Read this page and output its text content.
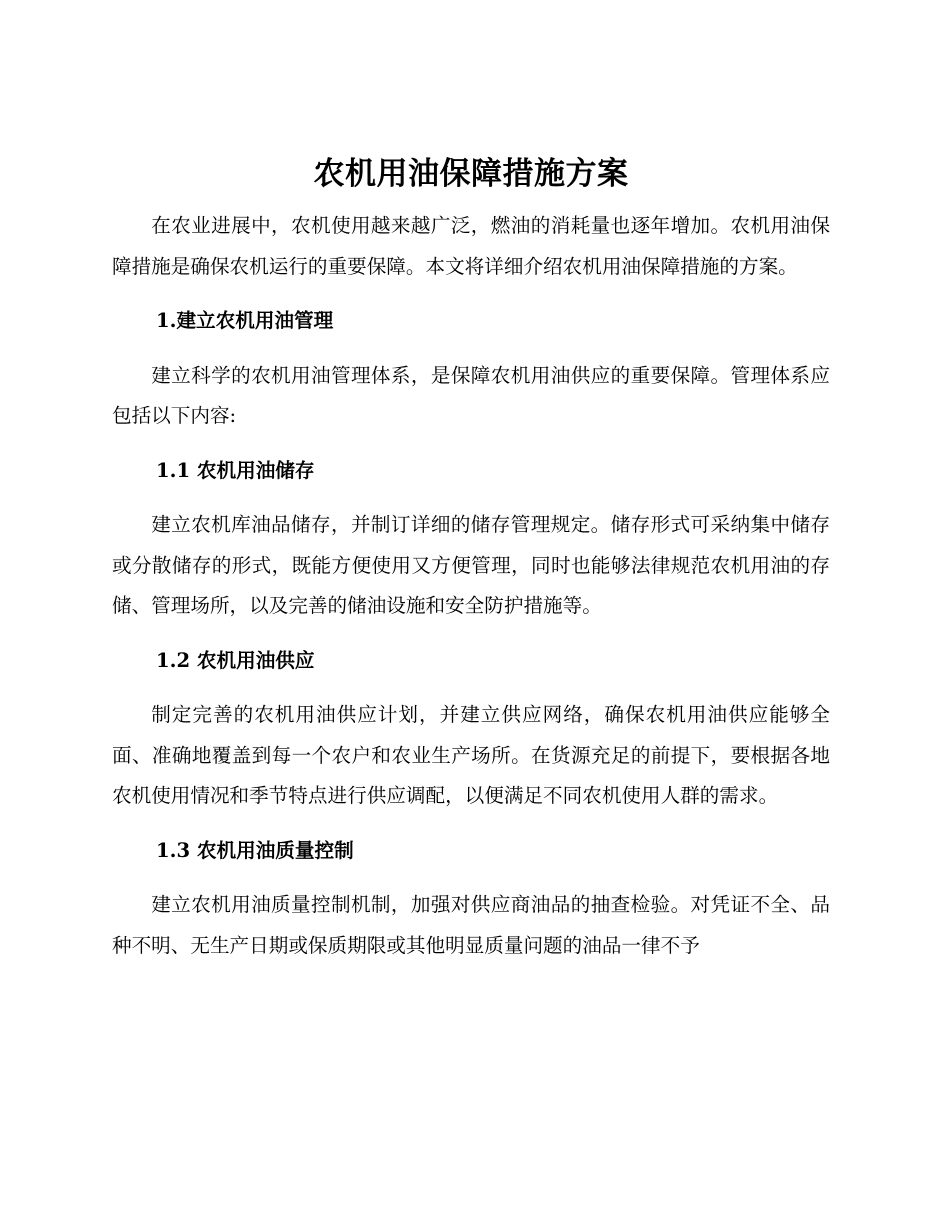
农机用油保障措施方案

在农业进展中，农机使用越来越广泛，燃油的消耗量也逐年增加。农机用油保障措施是确保农机运行的重要保障。本文将详细介绍农机用油保障措施的方案。

1.建立农机用油管理

建立科学的农机用油管理体系，是保障农机用油供应的重要保障。管理体系应包括以下内容:

1.1 农机用油储存

建立农机库油品储存，并制订详细的储存管理规定。储存形式可采纳集中储存或分散储存的形式，既能方便使用又方便管理，同时也能够法律规范农机用油的存储、管理场所，以及完善的储油设施和安全防护措施等。

1.2 农机用油供应

制定完善的农机用油供应计划，并建立供应网络，确保农机用油供应能够全面、准确地覆盖到每一个农户和农业生产场所。在货源充足的前提下，要根据各地农机使用情况和季节特点进行供应调配，以便满足不同农机使用人群的需求。

1.3 农机用油质量控制

建立农机用油质量控制机制，加强对供应商油品的抽查检验。对凭证不全、品种不明、无生产日期或保质期限或其他明显质量问题的油品一律不予
